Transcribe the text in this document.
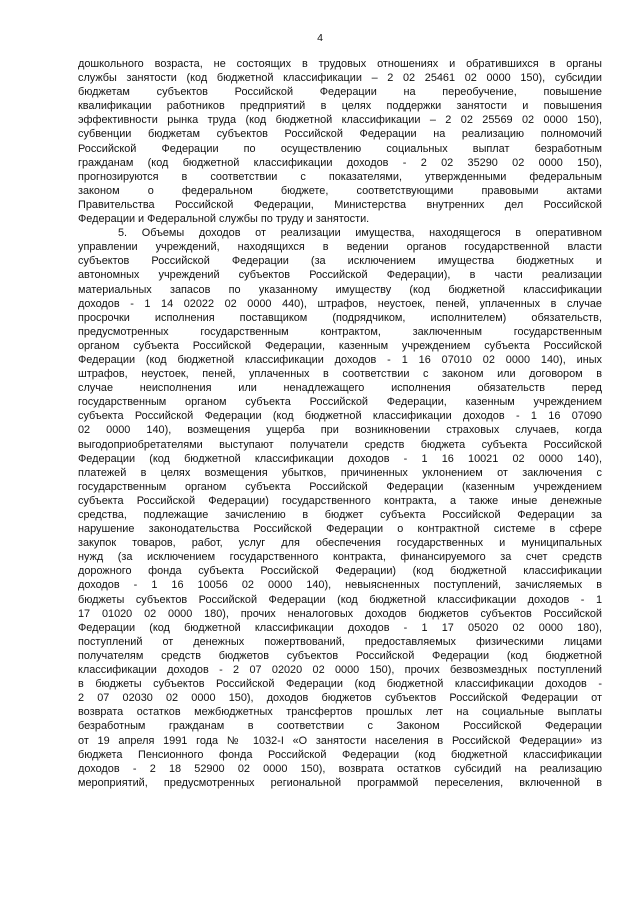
4
дошкольного возраста, не состоящих в трудовых отношениях и обратившихся в органы
службы занятости (код бюджетной классификации – 2 02 25461 02 0000 150), субсидии
бюджетам субъектов Российской Федерации на переобучение, повышение
квалификации работников предприятий в целях поддержки занятости и повышения
эффективности рынка труда (код бюджетной классификации – 2 02 25569 02 0000 150),
субвенции бюджетам субъектов Российской Федерации на реализацию полномочий
Российской Федерации по осуществлению социальных выплат безработным
гражданам (код бюджетной классификации доходов - 2 02 35290 02 0000 150),
прогнозируются в соответствии с показателями, утвержденными федеральным
законом о федеральном бюджете, соответствующими правовыми актами
Правительства Российской Федерации, Министерства внутренних дел Российской
Федерации и Федеральной службы по труду и занятости.
5. Объемы доходов от реализации имущества, находящегося в оперативном
управлении учреждений, находящихся в ведении органов государственной власти
субъектов Российской Федерации (за исключением имущества бюджетных и
автономных учреждений субъектов Российской Федерации), в части реализации
материальных запасов по указанному имуществу (код бюджетной классификации
доходов - 1 14 02022 02 0000 440), штрафов, неустоек, пеней, уплаченных в случае
просрочки исполнения поставщиком (подрядчиком, исполнителем) обязательств,
предусмотренных государственным контрактом, заключенным государственным
органом субъекта Российской Федерации, казенным учреждением субъекта Российской
Федерации (код бюджетной классификации доходов - 1 16 07010 02 0000 140), иных
штрафов, неустоек, пеней, уплаченных в соответствии с законом или договором в
случае неисполнения или ненадлежащего исполнения обязательств перед
государственным органом субъекта Российской Федерации, казенным учреждением
субъекта Российской Федерации (код бюджетной классификации доходов - 1 16 07090
02 0000 140), возмещения ущерба при возникновении страховых случаев, когда
выгодоприобретателями выступают получатели средств бюджета субъекта Российской
Федерации (код бюджетной классификации доходов - 1 16 10021 02 0000 140),
платежей в целях возмещения убытков, причиненных уклонением от заключения с
государственным органом субъекта Российской Федерации (казенным учреждением
субъекта Российской Федерации) государственного контракта, а также иные денежные
средства, подлежащие зачислению в бюджет субъекта Российской Федерации за
нарушение законодательства Российской Федерации о контрактной системе в сфере
закупок товаров, работ, услуг для обеспечения государственных и муниципальных
нужд (за исключением государственного контракта, финансируемого за счет средств
дорожного фонда субъекта Российской Федерации) (код бюджетной классификации
доходов - 1 16 10056 02 0000 140), невыясненных поступлений, зачисляемых в
бюджеты субъектов Российской Федерации (код бюджетной классификации доходов - 1
17 01020 02 0000 180), прочих неналоговых доходов бюджетов субъектов Российской
Федерации (код бюджетной классификации доходов - 1 17 05020 02 0000 180),
поступлений от денежных пожертвований, предоставляемых физическими лицами
получателям средств бюджетов субъектов Российской Федерации (код бюджетной
классификации доходов - 2 07 02020 02 0000 150), прочих безвозмездных поступлений
в бюджеты субъектов Российской Федерации (код бюджетной классификации доходов -
2 07 02030 02 0000 150), доходов бюджетов субъектов Российской Федерации от
возврата остатков межбюджетных трансфертов прошлых лет на социальные выплаты
безработным гражданам в соответствии с Законом Российской Федерации
от 19 апреля 1991 года № 1032-I «О занятости населения в Российской Федерации» из
бюджета Пенсионного фонда Российской Федерации (код бюджетной классификации
доходов - 2 18 52900 02 0000 150), возврата остатков субсидий на реализацию
мероприятий, предусмотренных региональной программой переселения, включенной в
